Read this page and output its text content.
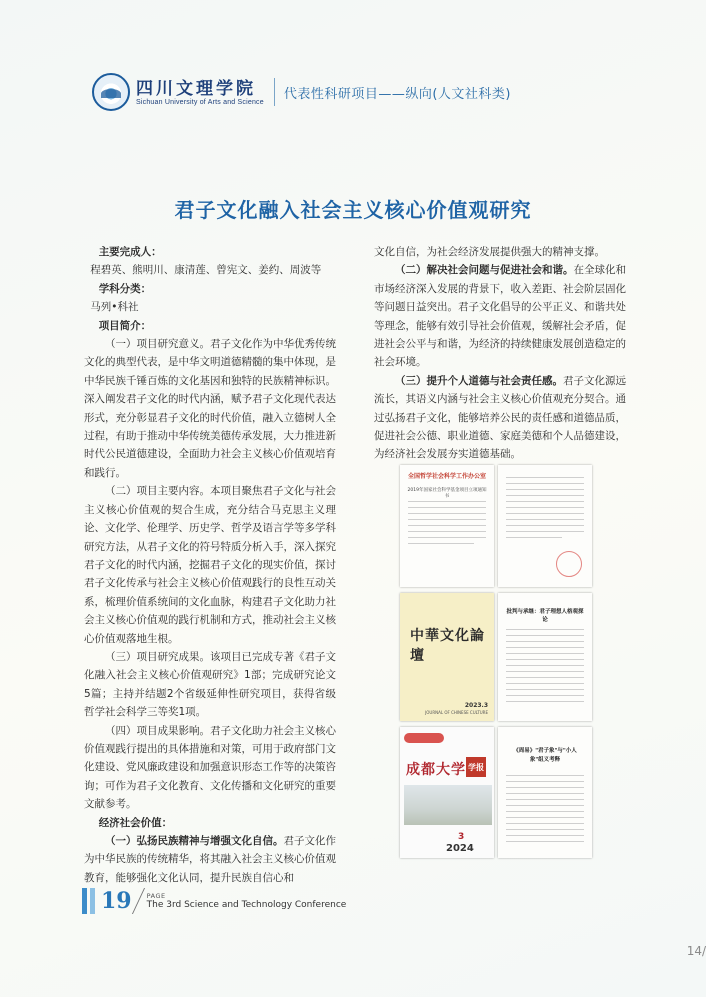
四川文理学院
Sichuan University of Arts and Science
代表性科研项目——纵向(人文社科类)
君子文化融入社会主义核心价值观研究

主要完成人：

程碧英、熊明川、康清莲、曾宪文、姜约、周波等

学科分类：

马列•科社

项目简介：

（一）项目研究意义。君子文化作为中华优秀传统文化的典型代表，是中华文明道德精髓的集中体现，是中华民族千锤百炼的文化基因和独特的民族精神标识。深入阐发君子文化的时代内涵，赋予君子文化现代表达形式，充分彰显君子文化的时代价值，融入立德树人全过程，有助于推动中华传统美德传承发展，大力推进新时代公民道德建设，全面助力社会主义核心价值观培育和践行。

（二）项目主要内容。本项目聚焦君子文化与社会主义核心价值观的契合生成，充分结合马克思主义理论、文化学、伦理学、历史学、哲学及语言学等多学科研究方法，从君子文化的符号特质分析入手，深入探究君子文化的时代内涵，挖掘君子文化的现实价值，探讨君子文化传承与社会主义核心价值观践行的良性互动关系，梳理价值系统间的文化血脉，构建君子文化助力社会主义核心价值观的践行机制和方式，推动社会主义核心价值观落地生根。

（三）项目研究成果。该项目已完成专著《君子文化融入社会主义核心价值观研究》1部；完成研究论文5篇；主持并结题2个省级延伸性研究项目，获得省级哲学社会科学三等奖1项。

（四）项目成果影响。君子文化助力社会主义核心价值观践行提出的具体措施和对策，可用于政府部门文化建设、党风廉政建设和加强意识形态工作等的决策咨询；可作为君子文化教育、文化传播和文化研究的重要文献参考。

经济社会价值：

（一）弘扬民族精神与增强文化自信。君子文化作为中华民族的传统精华，将其融入社会主义核心价值观教育，能够强化文化认同，提升民族自信心和

文化自信，为社会经济发展提供强大的精神支撑。

（二）解决社会问题与促进社会和谐。在全球化和市场经济深入发展的背景下，收入差距、社会阶层固化等问题日益突出。君子文化倡导的公平正义、和谐共处等理念，能够有效引导社会价值观，缓解社会矛盾，促进社会公平与和谐，为经济的持续健康发展创造稳定的社会环境。

（三）提升个人道德与社会责任感。君子文化源远流长，其语义内涵与社会主义核心价值观充分契合。通过弘扬君子文化，能够培养公民的责任感和道德品质，促进社会公德、职业道德、家庭美德和个人品德建设，为经济社会发展夯实道德基础。

全国哲学社会科学工作办公室
2019年国家社会科学基金项目立项通知书
中華文化論壇
2023.3
JOURNAL OF CHINESE CULTURE
批判与承继：君子理想人格观探论
成都大学 学报
3
2024
《周易》"君子象"与"小人象"组义考释
19 PAGE
The 3rd Science and Technology Conference
14/
